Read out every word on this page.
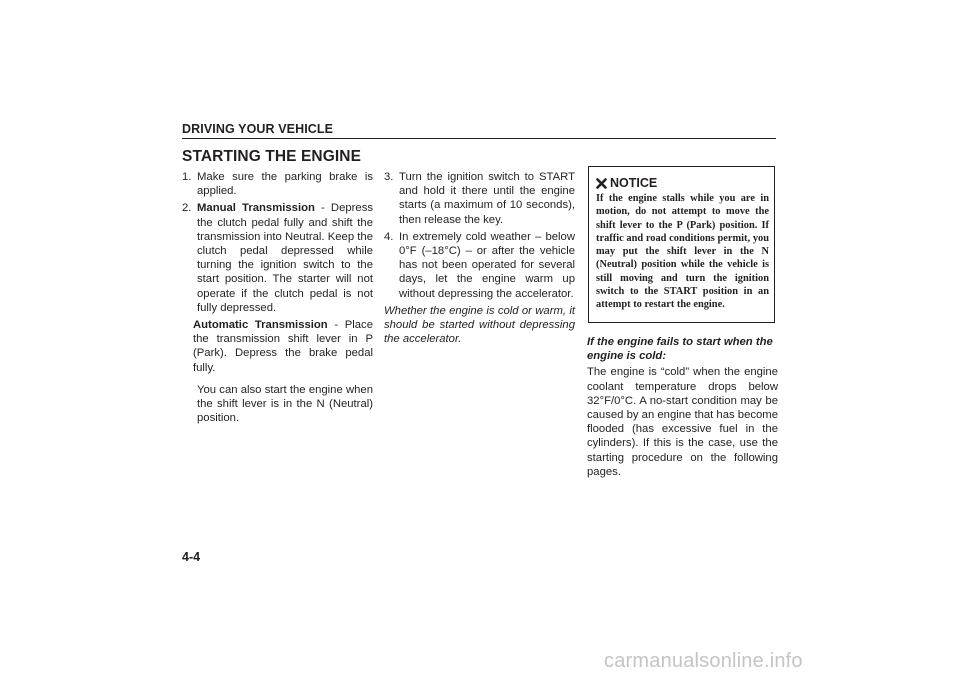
DRIVING YOUR VEHICLE
STARTING THE ENGINE

1. Make sure the parking brake is applied.

2. Manual Transmission - Depress the clutch pedal fully and shift the transmission into Neutral. Keep the clutch pedal depressed while turning the ignition switch to the start position. The starter will not operate if the clutch pedal is not fully depressed.

Automatic Transmission - Place the transmission shift lever in P (Park). Depress the brake pedal fully.

You can also start the engine when the shift lever is in the N (Neutral) position.

3. Turn the ignition switch to START and hold it there until the engine starts (a maximum of 10 seconds), then release the key.

4. In extremely cold weather – below 0°F (–18°C) – or after the vehicle has not been operated for several days, let the engine warm up without depressing the accelerator.

Whether the engine is cold or warm, it should be started without depressing the accelerator.

NOTICE
If the engine stalls while you are in motion, do not attempt to move the shift lever to the P (Park) position. If traffic and road conditions permit, you may put the shift lever in the N (Neutral) position while the vehicle is still moving and turn the ignition switch to the START position in an attempt to restart the engine.

If the engine fails to start when the engine is cold:

The engine is “cold” when the engine coolant temperature drops below 32°F/0°C. A no-start condition may be caused by an engine that has become flooded (has excessive fuel in the cylinders). If this is the case, use the starting procedure on the following pages.

4-4
carmanualsonline.info
